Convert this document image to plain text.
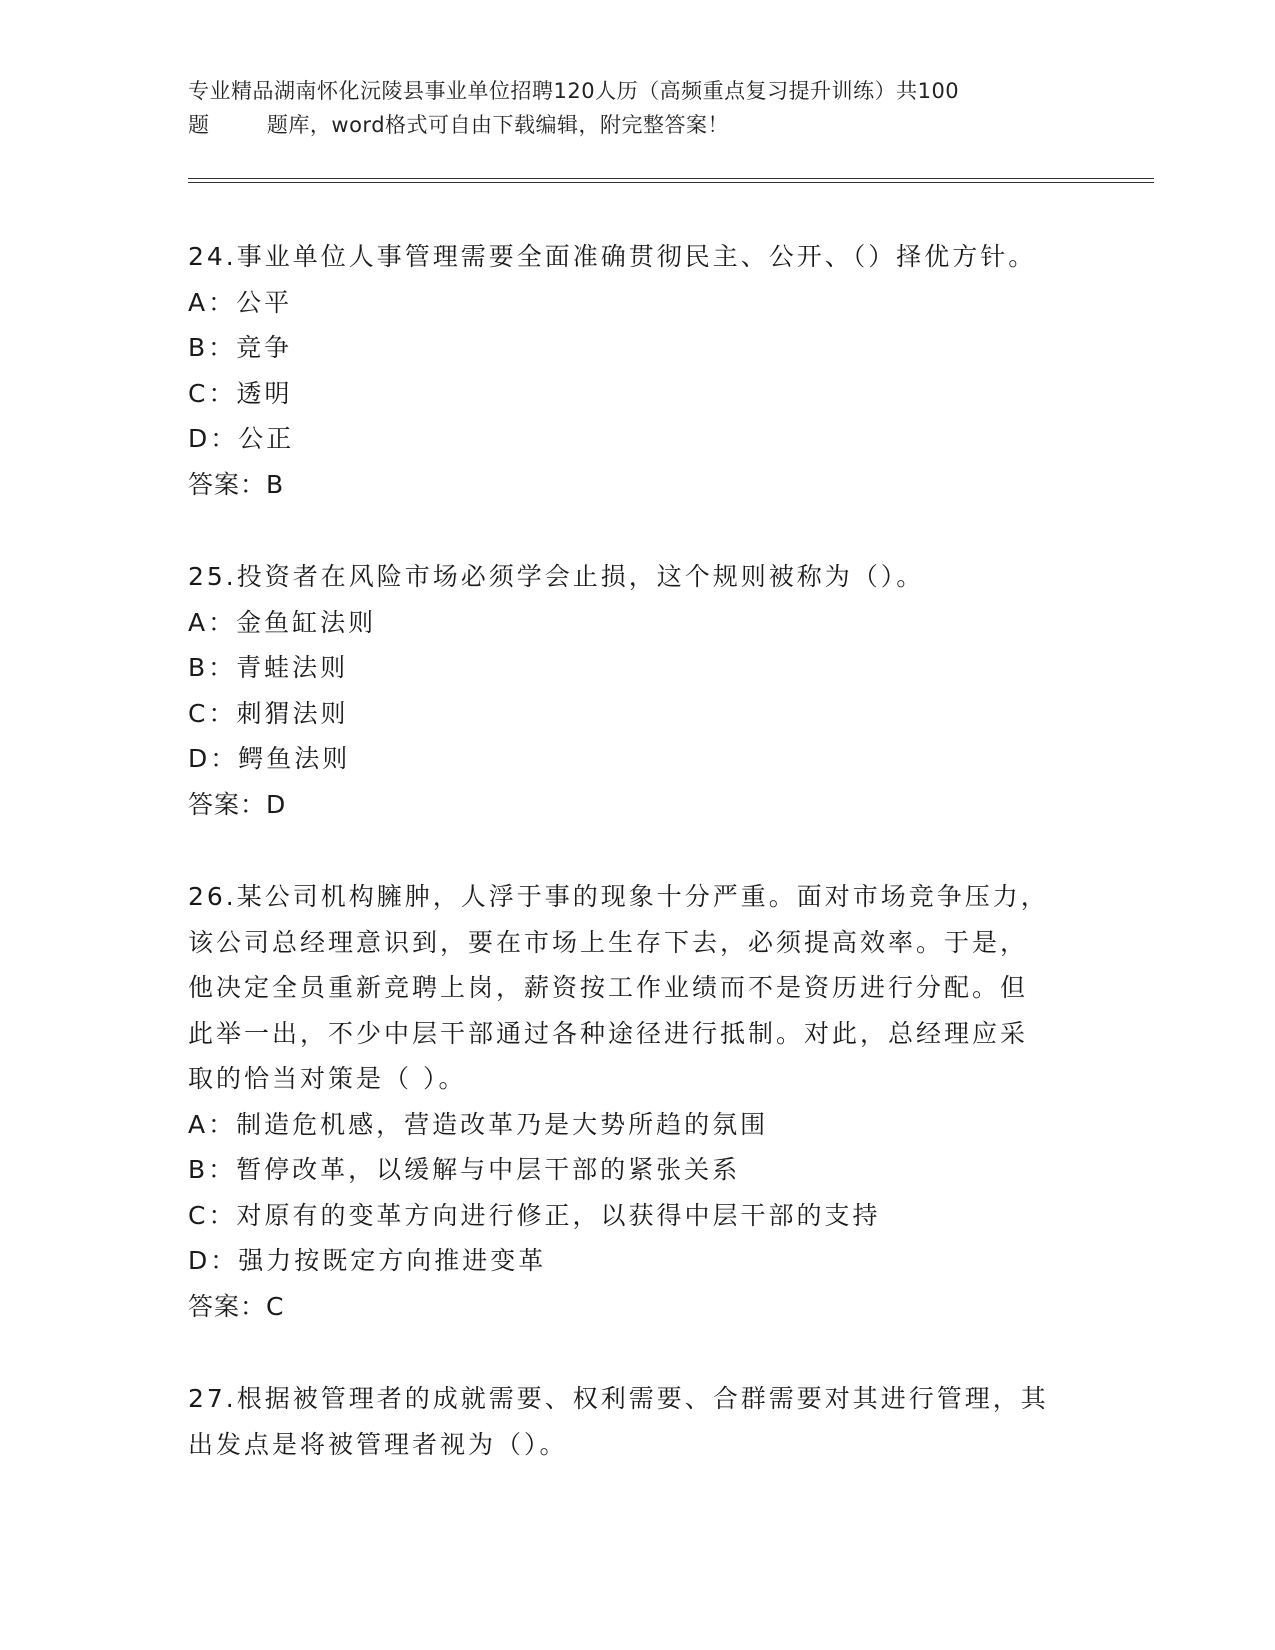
专业精品湖南怀化沅陵县事业单位招聘120人历（高频重点复习提升训练）共100
题        题库，word格式可自由下载编辑，附完整答案！
24.事业单位人事管理需要全面准确贯彻民主、公开、（）择优方针。
A：公平
B：竞争
C：透明
D：公正
答案：B
25.投资者在风险市场必须学会止损，这个规则被称为（）。
A：金鱼缸法则
B：青蛙法则
C：刺猬法则
D：鳄鱼法则
答案：D
26.某公司机构臃肿，人浮于事的现象十分严重。面对市场竞争压力，
该公司总经理意识到，要在市场上生存下去，必须提高效率。于是，
他决定全员重新竞聘上岗，薪资按工作业绩而不是资历进行分配。但
此举一出，不少中层干部通过各种途径进行抵制。对此，总经理应采
取的恰当对策是（ ）。
A：制造危机感，营造改革乃是大势所趋的氛围
B：暂停改革，以缓解与中层干部的紧张关系
C：对原有的变革方向进行修正，以获得中层干部的支持
D：强力按既定方向推进变革
答案：C
27.根据被管理者的成就需要、权利需要、合群需要对其进行管理，其
出发点是将被管理者视为（）。
